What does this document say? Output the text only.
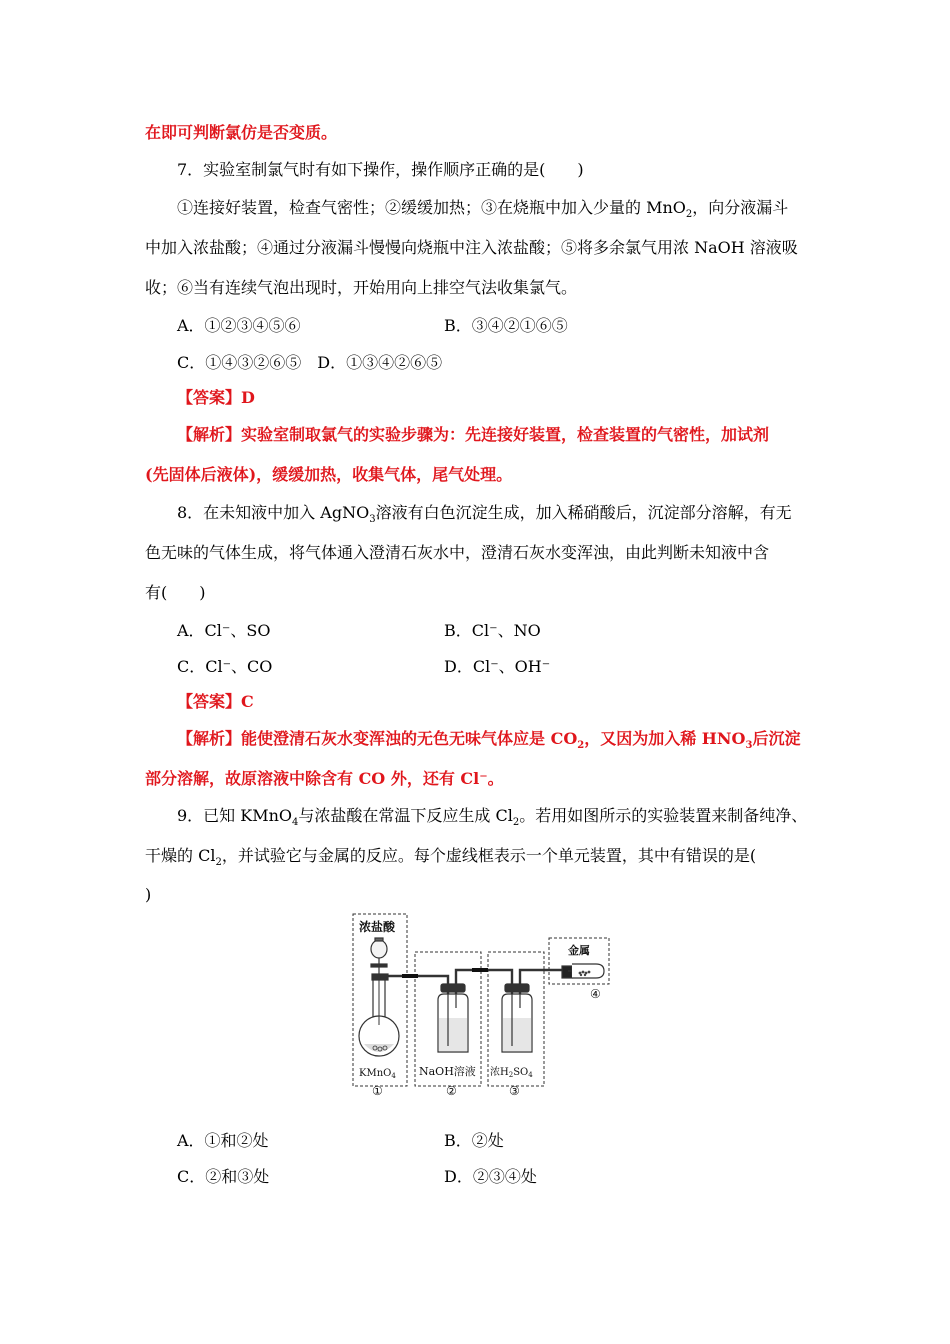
在即可判断氯仿是否变质。
7．实验室制氯气时有如下操作，操作顺序正确的是(　　)
①连接好装置，检查气密性；②缓缓加热；③在烧瓶中加入少量的 MnO$_2$，向分液漏斗
中加入浓盐酸；④通过分液漏斗慢慢向烧瓶中注入浓盐酸；⑤将多余氯气用浓 NaOH 溶液吸
收；⑥当有连续气泡出现时，开始用向上排空气法收集氯气。
A．①②③④⑤⑥	B．③④②①⑥⑤
C．①④③②⑥⑤　D．①③④②⑥⑤
【答案】D
【解析】实验室制取氯气的实验步骤为：先连接好装置，检查装置的气密性，加试剂
(先固体后液体)，缓缓加热，收集气体，尾气处理。
8．在未知液中加入 AgNO$_3$溶液有白色沉淀生成，加入稀硝酸后，沉淀部分溶解，有无
色无味的气体生成，将气体通入澄清石灰水中，澄清石灰水变浑浊，由此判断未知液中含
有(　　)
A．Cl⁻、SO	B．Cl⁻、NO
C．Cl⁻、CO	D．Cl⁻、OH⁻
【答案】C
【解析】能使澄清石灰水变浑浊的无色无味气体应是 $CO_2$，又因为加入稀 $HNO_3$后沉淀
部分溶解，故原溶液中除含有 CO 外，还有 Cl⁻。
9．已知 KMnO$_4$与浓盐酸在常温下反应生成 $Cl_2$。若用如图所示的实验装置来制备纯净、
干燥的 $Cl_2$，并试验它与金属的反应。每个虚线框表示一个单元装置，其中有错误的是(
)
浓盐酸
金属
KMnO$_4$ NaOH溶液 浓$H_2SO_4$
①	②	③
④
A．①和②处	B．②处
C．②和③处	D．②③④处
